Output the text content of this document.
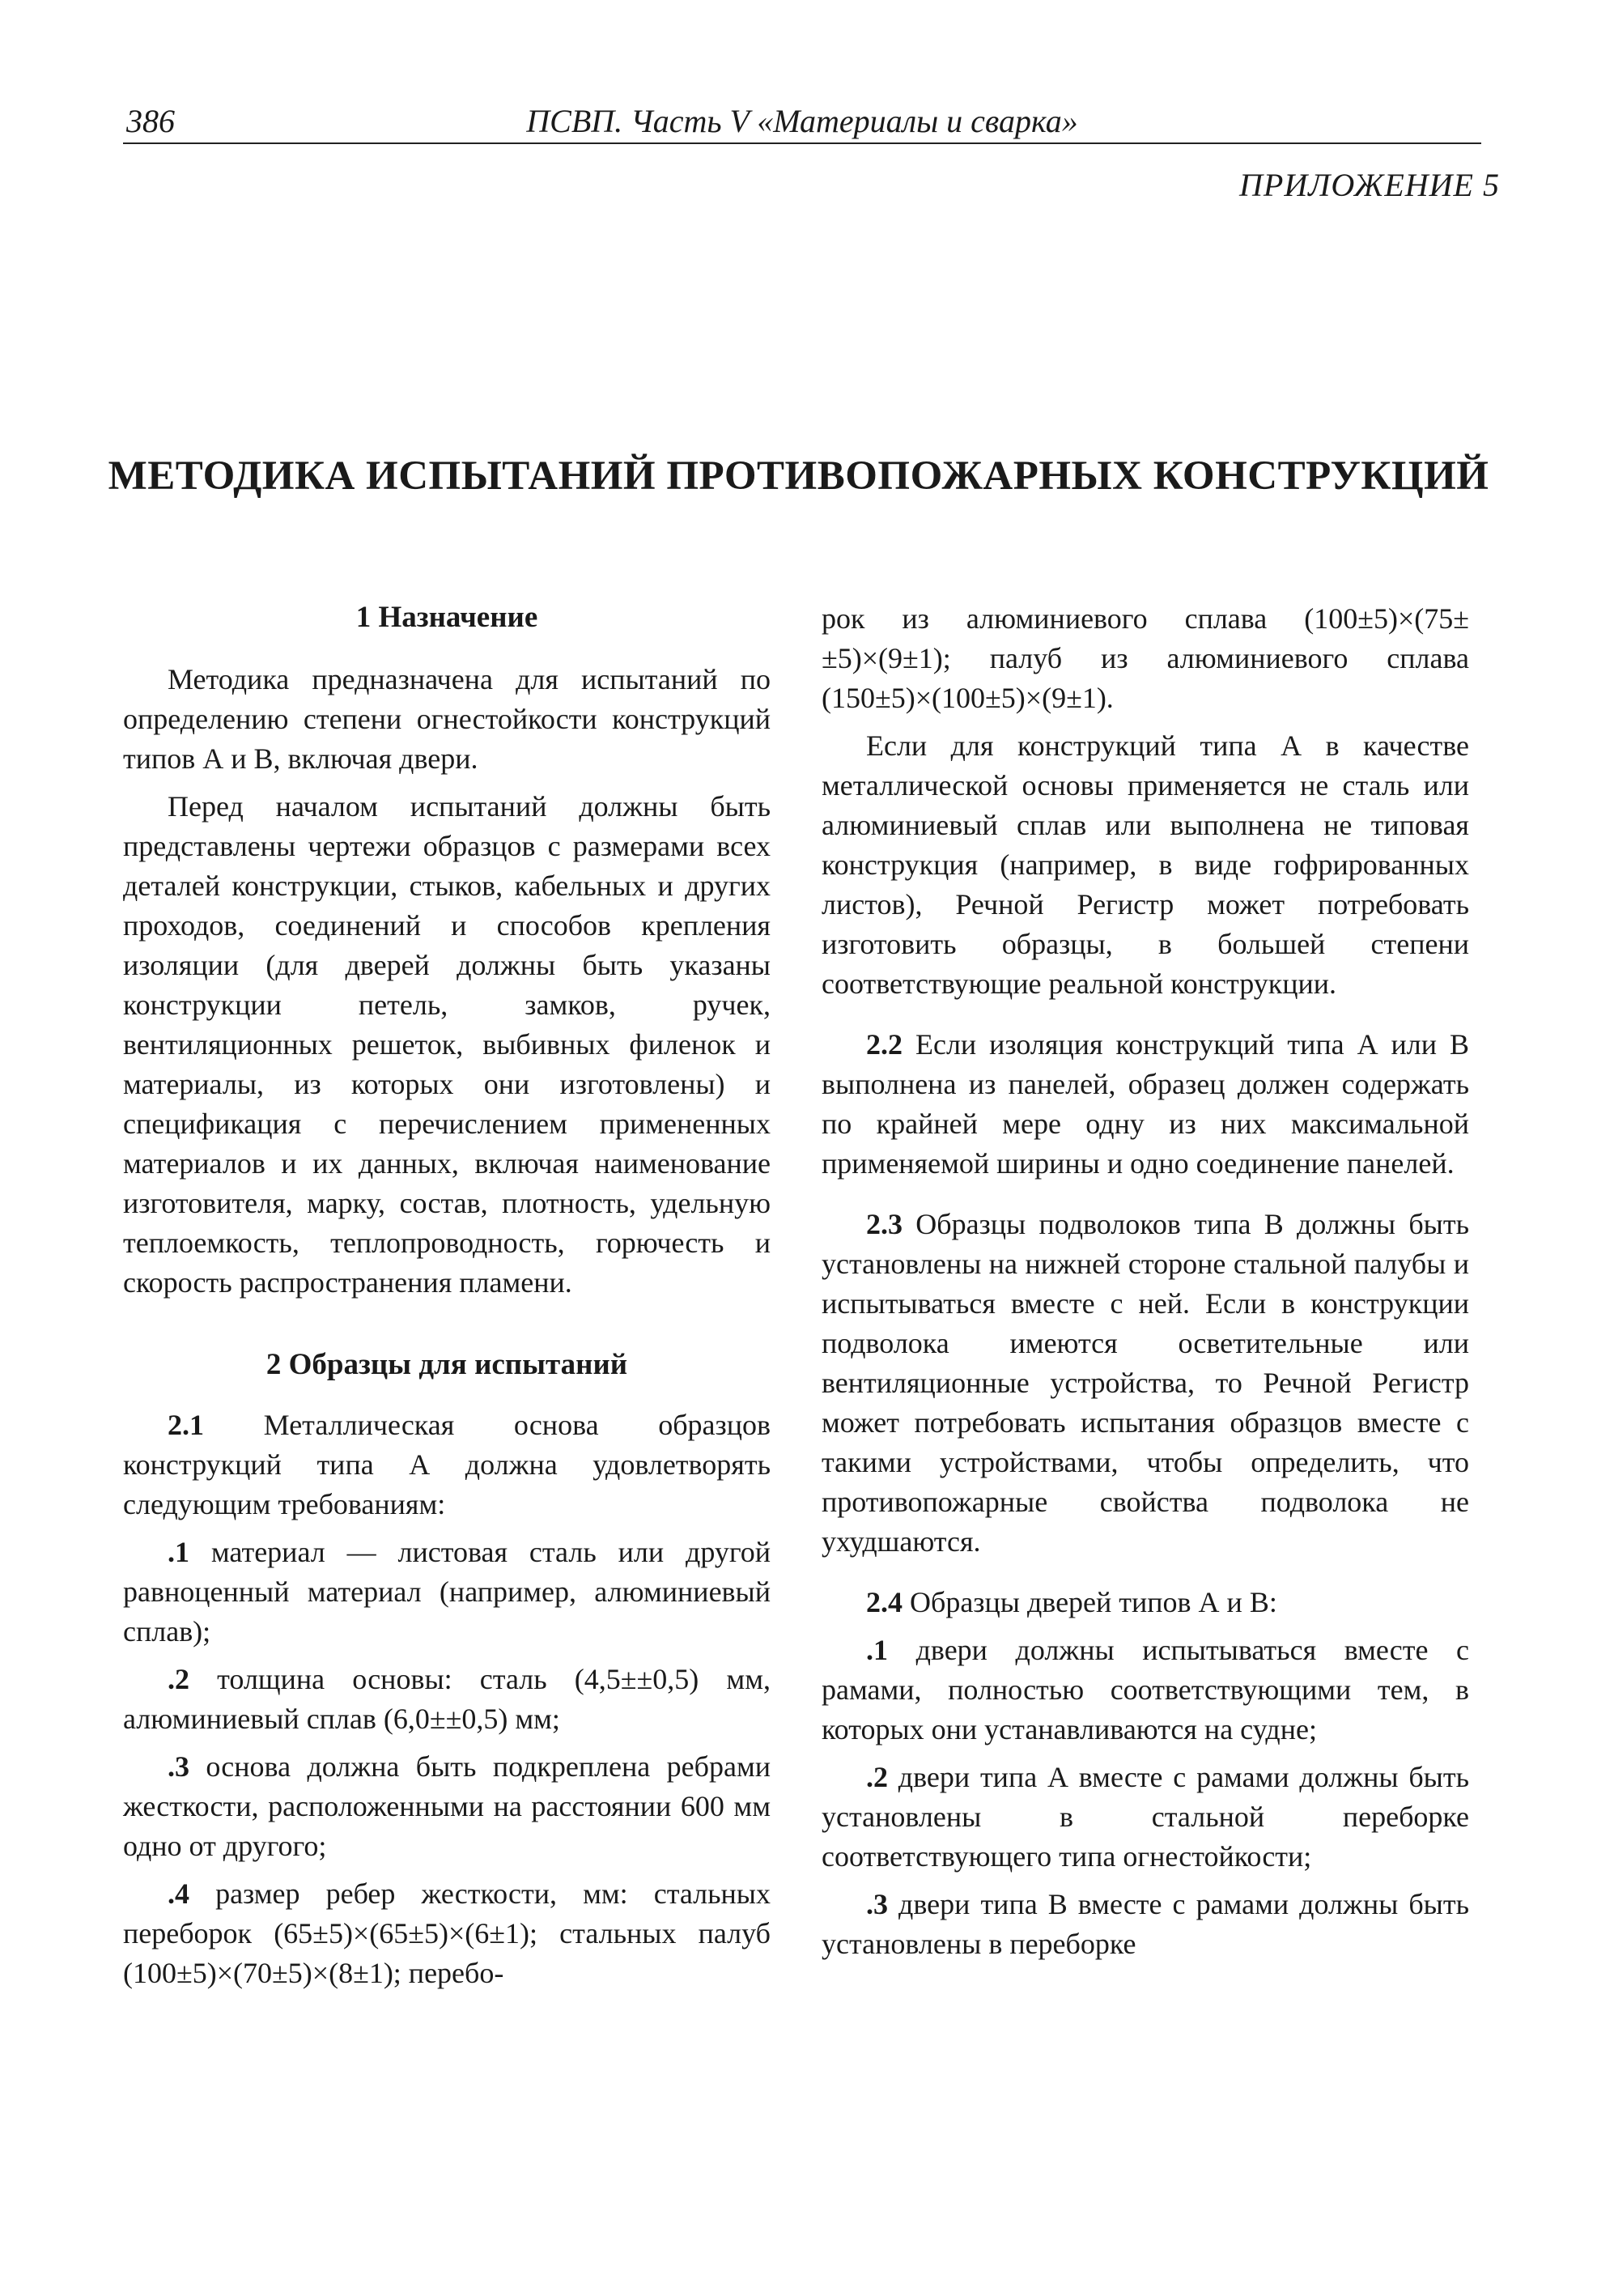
386	ПСВП. Часть V «Материалы и сварка»
ПРИЛОЖЕНИЕ 5
МЕТОДИКА ИСПЫТАНИЙ ПРОТИВОПОЖАРНЫХ КОНСТРУКЦИЙ
1 Назначение

Методика предназначена для испытаний по определению степени огнестойкости конструкций типов А и В, включая двери.

Перед началом испытаний должны быть представлены чертежи образцов с размерами всех деталей конструкции, стыков, кабельных и других проходов, соединений и способов крепления изоляции (для дверей должны быть указаны конструкции петель, замков, ручек, вентиляционных решеток, выбивных филенок и материалы, из которых они изготовлены) и спецификация с перечислением примененных материалов и их данных, включая наименование изготовителя, марку, состав, плотность, удельную теплоемкость, теплопроводность, горючесть и скорость распространения пламени.

2 Образцы для испытаний

2.1 Металлическая основа образцов конструкций типа А должна удовлетворять следующим требованиям:

.1 материал — листовая сталь или другой равноценный материал (например, алюминиевый сплав);

.2 толщина основы: сталь (4,5±±0,5) мм, алюминиевый сплав (6,0±±0,5) мм;

.3 основа должна быть подкреплена ребрами жесткости, расположенными на расстоянии 600 мм одно от другого;

.4 размер ребер жесткости, мм: стальных переборок (65±5)×(65±5)×(6±1); стальных палуб (100±5)×(70±5)×(8±1); перебо-

рок из алюминиевого сплава (100±5)×(75±±5)×(9±1); палуб из алюминиевого сплава (150±5)×(100±5)×(9±1).

Если для конструкций типа А в качестве металлической основы применяется не сталь или алюминиевый сплав или выполнена не типовая конструкция (например, в виде гофрированных листов), Речной Регистр может потребовать изготовить образцы, в большей степени соответствующие реальной конструкции.

2.2 Если изоляция конструкций типа А или В выполнена из панелей, образец должен содержать по крайней мере одну из них максимальной применяемой ширины и одно соединение панелей.

2.3 Образцы подволоков типа В должны быть установлены на нижней стороне стальной палубы и испытываться вместе с ней. Если в конструкции подволока имеются осветительные или вентиляционные устройства, то Речной Регистр может потребовать испытания образцов вместе с такими устройствами, чтобы определить, что противопожарные свойства подволока не ухудшаются.

2.4 Образцы дверей типов А и В:

.1 двери должны испытываться вместе с рамами, полностью соответствующими тем, в которых они устанавливаются на судне;

.2 двери типа А вместе с рамами должны быть установлены в стальной переборке соответствующего типа огнестойкости;

.3 двери типа В вместе с рамами должны быть установлены в переборке
